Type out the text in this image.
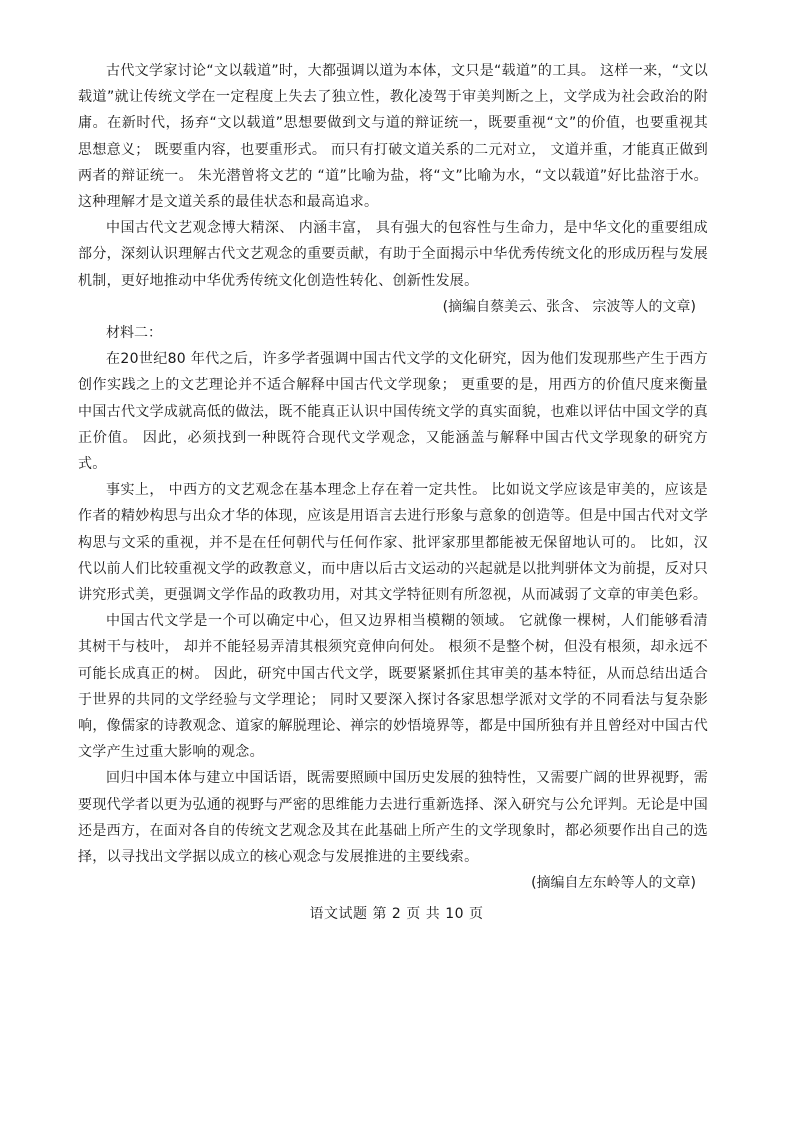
古代文学家讨论“文以载道”时，大都强调以道为本体，文只是“载道”的工具。 这样一来，“文以载道”就让传统文学在一定程度上失去了独立性，教化凌驾于审美判断之上，文学成为社会政治的附庸。在新时代，扬弃“文以载道”思想要做到文与道的辩证统一，既要重视“文”的价值，也要重视其思想意义； 既要重内容，也要重形式。 而只有打破文道关系的二元对立， 文道并重，才能真正做到两者的辩证统一。 朱光潜曾将文艺的 “道”比喻为盐，将“文”比喻为水，“文以载道”好比盐溶于水。这种理解才是文道关系的最佳状态和最高追求。

中国古代文艺观念博大精深、 内涵丰富， 具有强大的包容性与生命力，是中华文化的重要组成部分，深刻认识理解古代文艺观念的重要贡献，有助于全面揭示中华优秀传统文化的形成历程与发展机制，更好地推动中华优秀传统文化创造性转化、创新性发展。

(摘编自蔡美云、张含、 宗波等人的文章)

材料二：

在20世纪80 年代之后，许多学者强调中国古代文学的文化研究，因为他们发现那些产生于西方创作实践之上的文艺理论并不适合解释中国古代文学现象； 更重要的是，用西方的价值尺度来衡量中国古代文学成就高低的做法，既不能真正认识中国传统文学的真实面貌，也难以评估中国文学的真正价值。 因此，必须找到一种既符合现代文学观念，又能涵盖与解释中国古代文学现象的研究方式。

事实上， 中西方的文艺观念在基本理念上存在着一定共性。 比如说文学应该是审美的，应该是作者的精妙构思与出众才华的体现，应该是用语言去进行形象与意象的创造等。但是中国古代对文学构思与文采的重视，并不是在任何朝代与任何作家、批评家那里都能被无保留地认可的。 比如，汉代以前人们比较重视文学的政教意义，而中唐以后古文运动的兴起就是以批判骈体文为前提，反对只讲究形式美，更强调文学作品的政教功用，对其文学特征则有所忽视，从而减弱了文章的审美色彩。

中国古代文学是一个可以确定中心，但又边界相当模糊的领域。 它就像一棵树，人们能够看清其树干与枝叶， 却并不能轻易弄清其根须究竟伸向何处。 根须不是整个树，但没有根须，却永远不可能长成真正的树。 因此，研究中国古代文学，既要紧紧抓住其审美的基本特征，从而总结出适合于世界的共同的文学经验与文学理论； 同时又要深入探讨各家思想学派对文学的不同看法与复杂影响，像儒家的诗教观念、道家的解脱理论、禅宗的妙悟境界等，都是中国所独有并且曾经对中国古代文学产生过重大影响的观念。

回归中国本体与建立中国话语，既需要照顾中国历史发展的独特性，又需要广阔的世界视野，需要现代学者以更为弘通的视野与严密的思维能力去进行重新选择、深入研究与公允评判。无论是中国还是西方，在面对各自的传统文艺观念及其在此基础上所产生的文学现象时，都必须要作出自己的选择，以寻找出文学据以成立的核心观念与发展推进的主要线索。

(摘编自左东岭等人的文章)

语文试题 第 2 页 共 10 页
